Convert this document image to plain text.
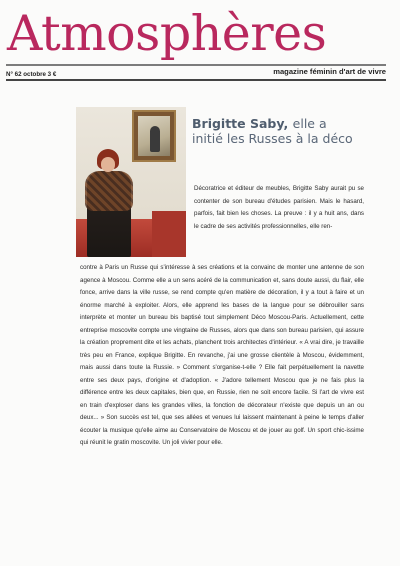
Atmosphères
N° 62 octobre 3 €	magazine féminin d'art de vivre
Brigitte Saby, elle a initié les Russes à la déco

Décoratrice et éditeur de meubles, Brigitte Saby aurait pu se contenter de son bureau d'études parisien. Mais le hasard, parfois, fait bien les choses. La preuve : il y a huit ans, dans le cadre de ses activités professionnelles, elle ren-

contre à Paris un Russe qui s'intéresse à ses créations et la convainc de monter une antenne de son agence à Moscou. Comme elle a un sens acéré de la communication et, sans doute aussi, du flair, elle fonce, arrive dans la ville russe, se rend compte qu'en matière de décoration, il y a tout à faire et un énorme marché à exploiter. Alors, elle apprend les bases de la langue pour se débrouiller sans interprète et monter un bureau bis baptisé tout simplement Déco Moscou-Paris. Actuellement, cette entreprise moscovite compte une vingtaine de Russes, alors que dans son bureau parisien, qui assure la création proprement dite et les achats, planchent trois architectes d'intérieur. « A vrai dire, je travaille très peu en France, explique Brigitte. En revanche, j'ai une grosse clientèle à Moscou, évidemment, mais aussi dans toute la Russie. » Comment s'organise-t-elle ? Elle fait perpétuellement la navette entre ses deux pays, d'origine et d'adoption. « J'adore tellement Moscou que je ne fais plus la différence entre les deux capitales, bien que, en Russie, rien ne soit encore facile. Si l'art de vivre est en train d'exploser dans les grandes villes, la fonction de décorateur n'existe que depuis un an ou deux... » Son succès est tel, que ses allées et venues lui laissent maintenant à peine le temps d'aller écouter la musique qu'elle aime au Conservatoire de Moscou et de jouer au golf. Un sport chic-issime qui réunit le gratin moscovite. Un joli vivier pour elle.
